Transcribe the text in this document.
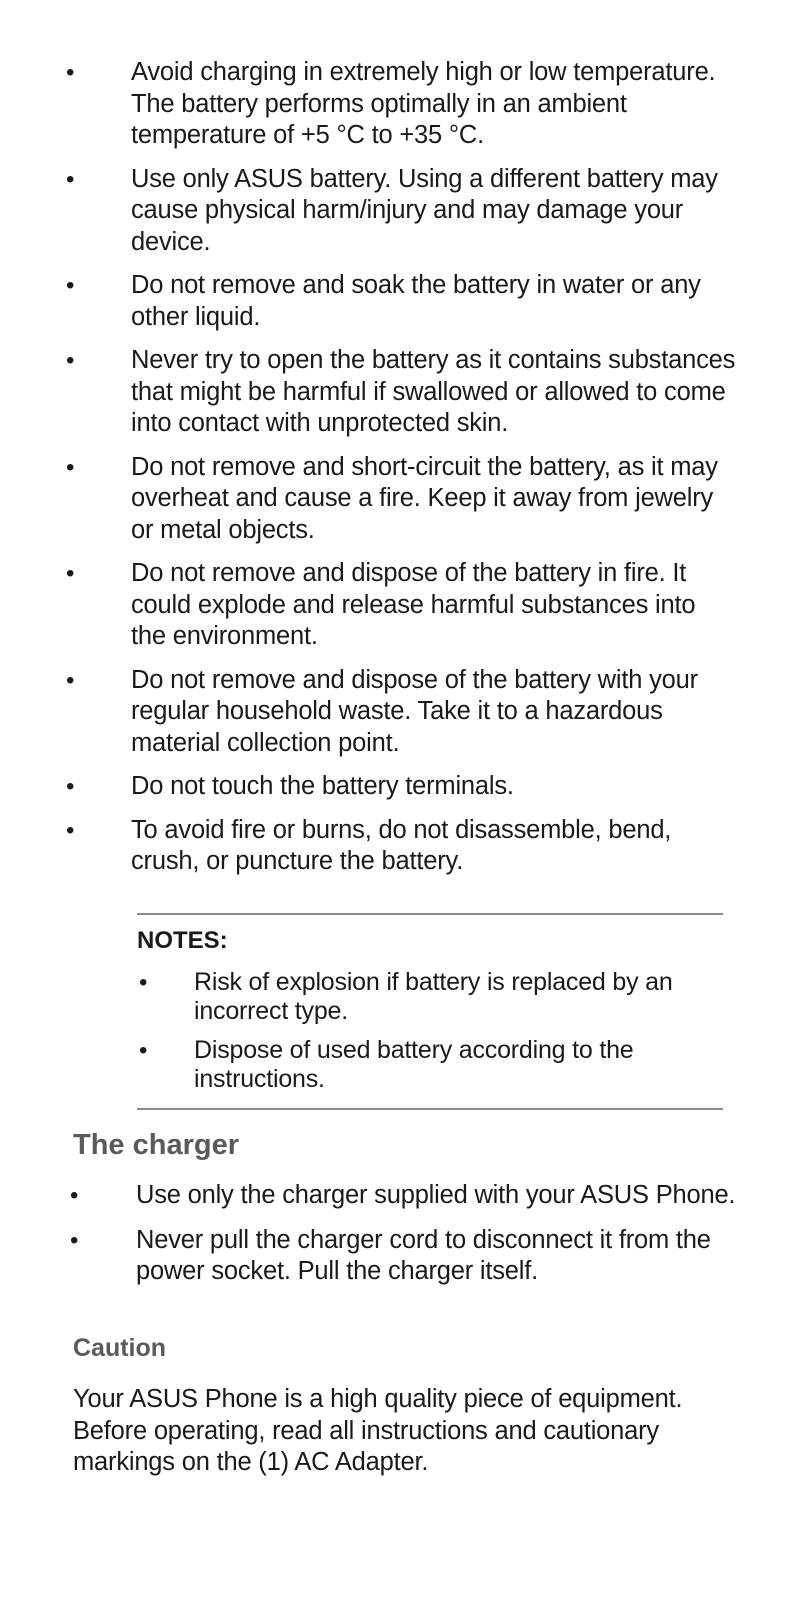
• Avoid charging in extremely high or low temperature. The battery performs optimally in an ambient temperature of +5 °C to +35 °C.
• Use only ASUS battery. Using a different battery may cause physical harm/injury and may damage your device.
• Do not remove and soak the battery in water or any other liquid.
• Never try to open the battery as it contains substances that might be harmful if swallowed or allowed to come into contact with unprotected skin.
• Do not remove and short-circuit the battery, as it may overheat and cause a fire. Keep it away from jewelry or metal objects.
• Do not remove and dispose of the battery in fire. It could explode and release harmful substances into the environment.
• Do not remove and dispose of the battery with your regular household waste. Take it to a hazardous material collection point.
• Do not touch the battery terminals.
• To avoid fire or burns, do not disassemble, bend, crush, or puncture the battery.

NOTES:

• Risk of explosion if battery is replaced by an incorrect type.
• Dispose of used battery according to the instructions.
The charger
• Use only the charger supplied with your ASUS Phone.
• Never pull the charger cord to disconnect it from the power socket. Pull the charger itself.
Caution

Your ASUS Phone is a high quality piece of equipment. Before operating, read all instructions and cautionary markings on the (1) AC Adapter.
